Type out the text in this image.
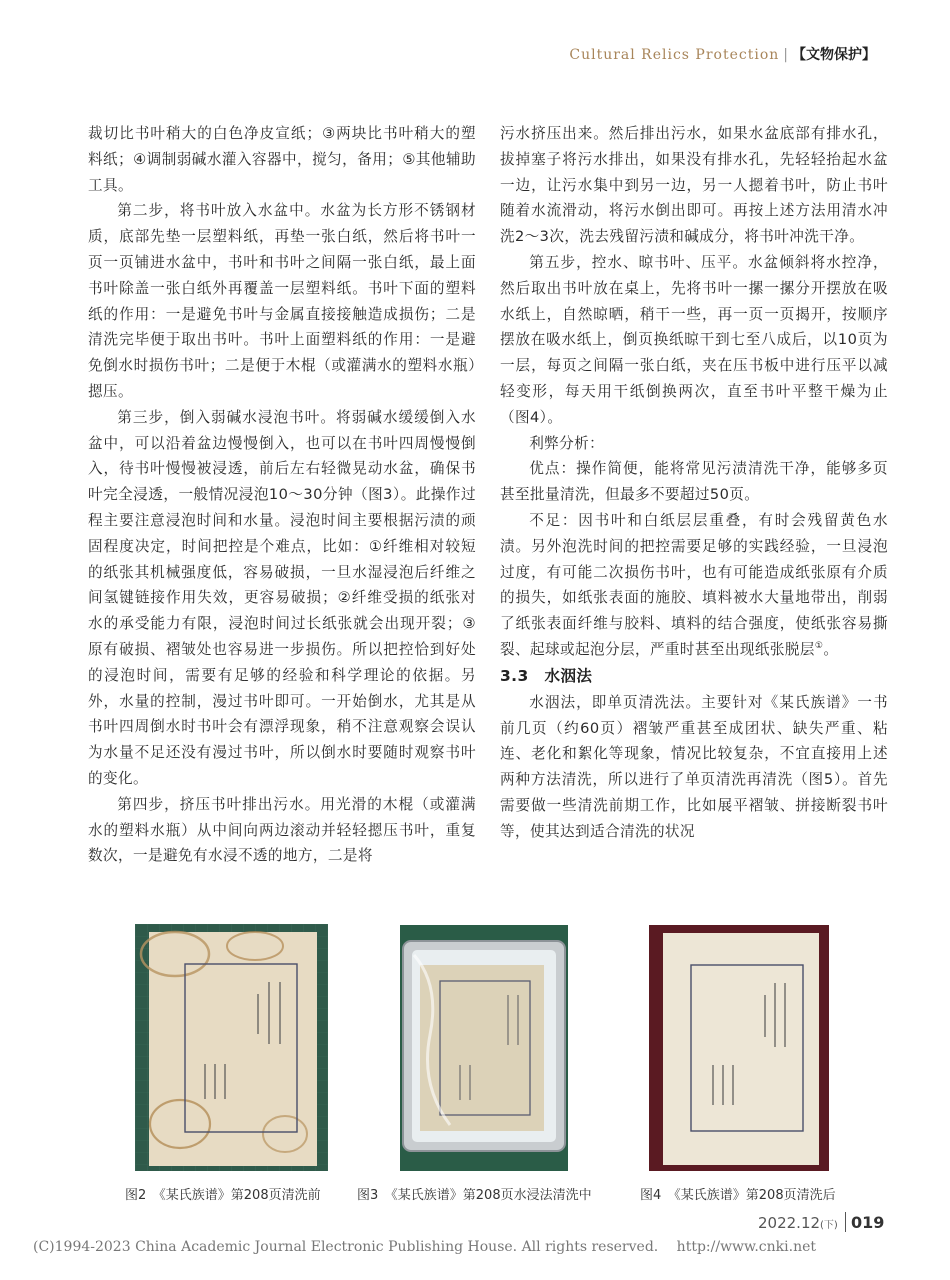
Cultural Relics Protection | 【文物保护】

裁切比书叶稍大的白色净皮宣纸；③两块比书叶稍大的塑料纸；④调制弱碱水灌入容器中，搅匀，备用；⑤其他辅助工具。

第二步，将书叶放入水盆中。水盆为长方形不锈钢材质，底部先垫一层塑料纸，再垫一张白纸，然后将书叶一页一页铺进水盆中，书叶和书叶之间隔一张白纸，最上面书叶除盖一张白纸外再覆盖一层塑料纸。书叶下面的塑料纸的作用：一是避免书叶与金属直接接触造成损伤；二是清洗完毕便于取出书叶。书叶上面塑料纸的作用：一是避免倒水时损伤书叶；二是便于木棍（或灌满水的塑料水瓶）摁压。

第三步，倒入弱碱水浸泡书叶。将弱碱水缓缓倒入水盆中，可以沿着盆边慢慢倒入，也可以在书叶四周慢慢倒入，待书叶慢慢被浸透，前后左右轻微晃动水盆，确保书叶完全浸透，一般情况浸泡10～30分钟（图3）。此操作过程主要注意浸泡时间和水量。浸泡时间主要根据污渍的顽固程度决定，时间把控是个难点，比如：①纤维相对较短的纸张其机械强度低，容易破损，一旦水湿浸泡后纤维之间氢键链接作用失效，更容易破损；②纤维受损的纸张对水的承受能力有限，浸泡时间过长纸张就会出现开裂；③原有破损、褶皱处也容易进一步损伤。所以把控恰到好处的浸泡时间，需要有足够的经验和科学理论的依据。另外，水量的控制，漫过书叶即可。一开始倒水，尤其是从书叶四周倒水时书叶会有漂浮现象，稍不注意观察会误认为水量不足还没有漫过书叶，所以倒水时要随时观察书叶的变化。

第四步，挤压书叶排出污水。用光滑的木棍（或灌满水的塑料水瓶）从中间向两边滚动并轻轻摁压书叶，重复数次，一是避免有水浸不透的地方，二是将

污水挤压出来。然后排出污水，如果水盆底部有排水孔，拔掉塞子将污水排出，如果没有排水孔，先轻轻抬起水盆一边，让污水集中到另一边，另一人摁着书叶，防止书叶随着水流滑动，将污水倒出即可。再按上述方法用清水冲洗2～3次，洗去残留污渍和碱成分，将书叶冲洗干净。

第五步，控水、晾书叶、压平。水盆倾斜将水控净，然后取出书叶放在桌上，先将书叶一摞一摞分开摆放在吸水纸上，自然晾晒，稍干一些，再一页一页揭开，按顺序摆放在吸水纸上，倒页换纸晾干到七至八成后，以10页为一层，每页之间隔一张白纸，夹在压书板中进行压平以减轻变形，每天用干纸倒换两次，直至书叶平整干燥为止（图4）。

利弊分析：

优点：操作简便，能将常见污渍清洗干净，能够多页甚至批量清洗，但最多不要超过50页。

不足：因书叶和白纸层层重叠，有时会残留黄色水渍。另外泡洗时间的把控需要足够的实践经验，一旦浸泡过度，有可能二次损伤书叶，也有可能造成纸张原有介质的损失，如纸张表面的施胶、填料被水大量地带出，削弱了纸张表面纤维与胶料、填料的结合强度，使纸张容易撕裂、起球或起泡分层，严重时甚至出现纸张脱层①。

3.3　水洇法

水洇法，即单页清洗法。主要针对《某氏族谱》一书前几页（约60页）褶皱严重甚至成团状、缺失严重、粘连、老化和絮化等现象，情况比较复杂，不宜直接用上述两种方法清洗，所以进行了单页清洗再清洗（图5）。首先需要做一些清洗前期工作，比如展平褶皱、拼接断裂书叶等，使其达到适合清洗的状况

图2　《某氏族谱》第208页清洗前	图3　《某氏族谱》第208页水浸法清洗中	图4　《某氏族谱》第208页清洗后
2022.12(下) 019
(C)1994-2023 China Academic Journal Electronic Publishing House. All rights reserved.　 http://www.cnki.net
